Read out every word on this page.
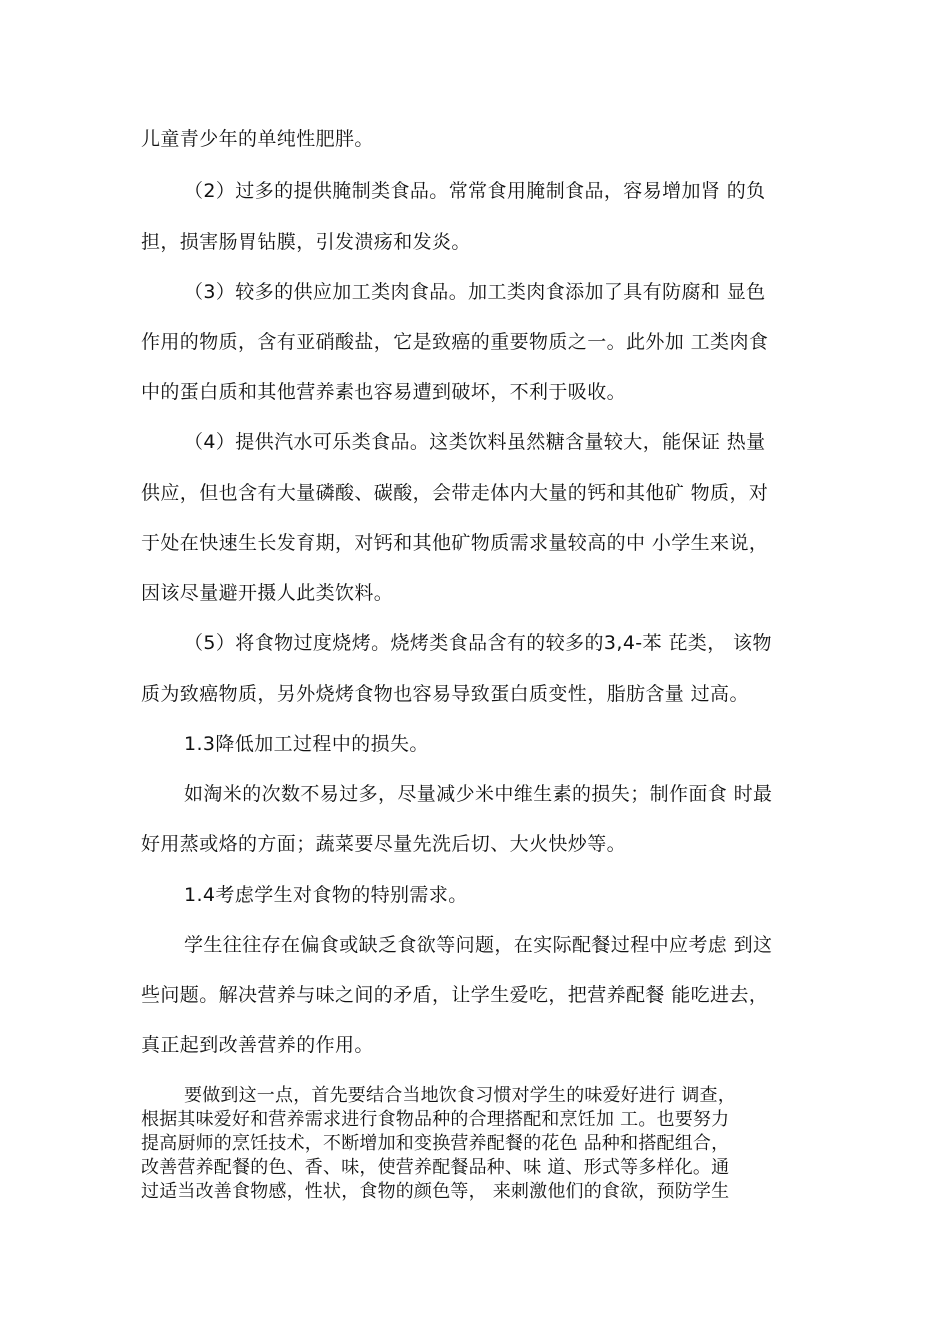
儿童青少年的单纯性肥胖。
（2）过多的提供腌制类食品。常常食用腌制食品，容易增加肾 的负
担，损害肠胃钻膜，引发溃疡和发炎。
（3）较多的供应加工类肉食品。加工类肉食添加了具有防腐和 显色
作用的物质，含有亚硝酸盐，它是致癌的重要物质之一。此外加 工类肉食
中的蛋白质和其他营养素也容易遭到破坏，不利于吸收。
（4）提供汽水可乐类食品。这类饮料虽然糖含量较大，能保证 热量
供应，但也含有大量磷酸、碳酸，会带走体内大量的钙和其他矿 物质，对
于处在快速生长发育期，对钙和其他矿物质需求量较高的中 小学生来说，
因该尽量避开摄人此类饮料。
（5）将食物过度烧烤。烧烤类食品含有的较多的3,4-苯 芘类， 该物
质为致癌物质，另外烧烤食物也容易导致蛋白质变性，脂肪含量 过高。
1.3降低加工过程中的损失。
如淘米的次数不易过多，尽量减少米中维生素的损失；制作面食 时最
好用蒸或烙的方面；蔬菜要尽量先洗后切、大火快炒等。
1.4考虑学生对食物的特别需求。
学生往往存在偏食或缺乏食欲等问题，在实际配餐过程中应考虑 到这
些问题。解决营养与味之间的矛盾，让学生爱吃，把营养配餐 能吃进去，
真正起到改善营养的作用。
要做到这一点，首先要结合当地饮食习惯对学生的味爱好进行 调查，
根据其味爱好和营养需求进行食物品种的合理搭配和烹饪加 工。也要努力
提高厨师的烹饪技术，不断增加和变换营养配餐的花色 品种和搭配组合，
改善营养配餐的色、香、味，使营养配餐品种、味 道、形式等多样化。通
过适当改善食物感，性状，食物的颜色等， 来刺激他们的食欲，预防学生
